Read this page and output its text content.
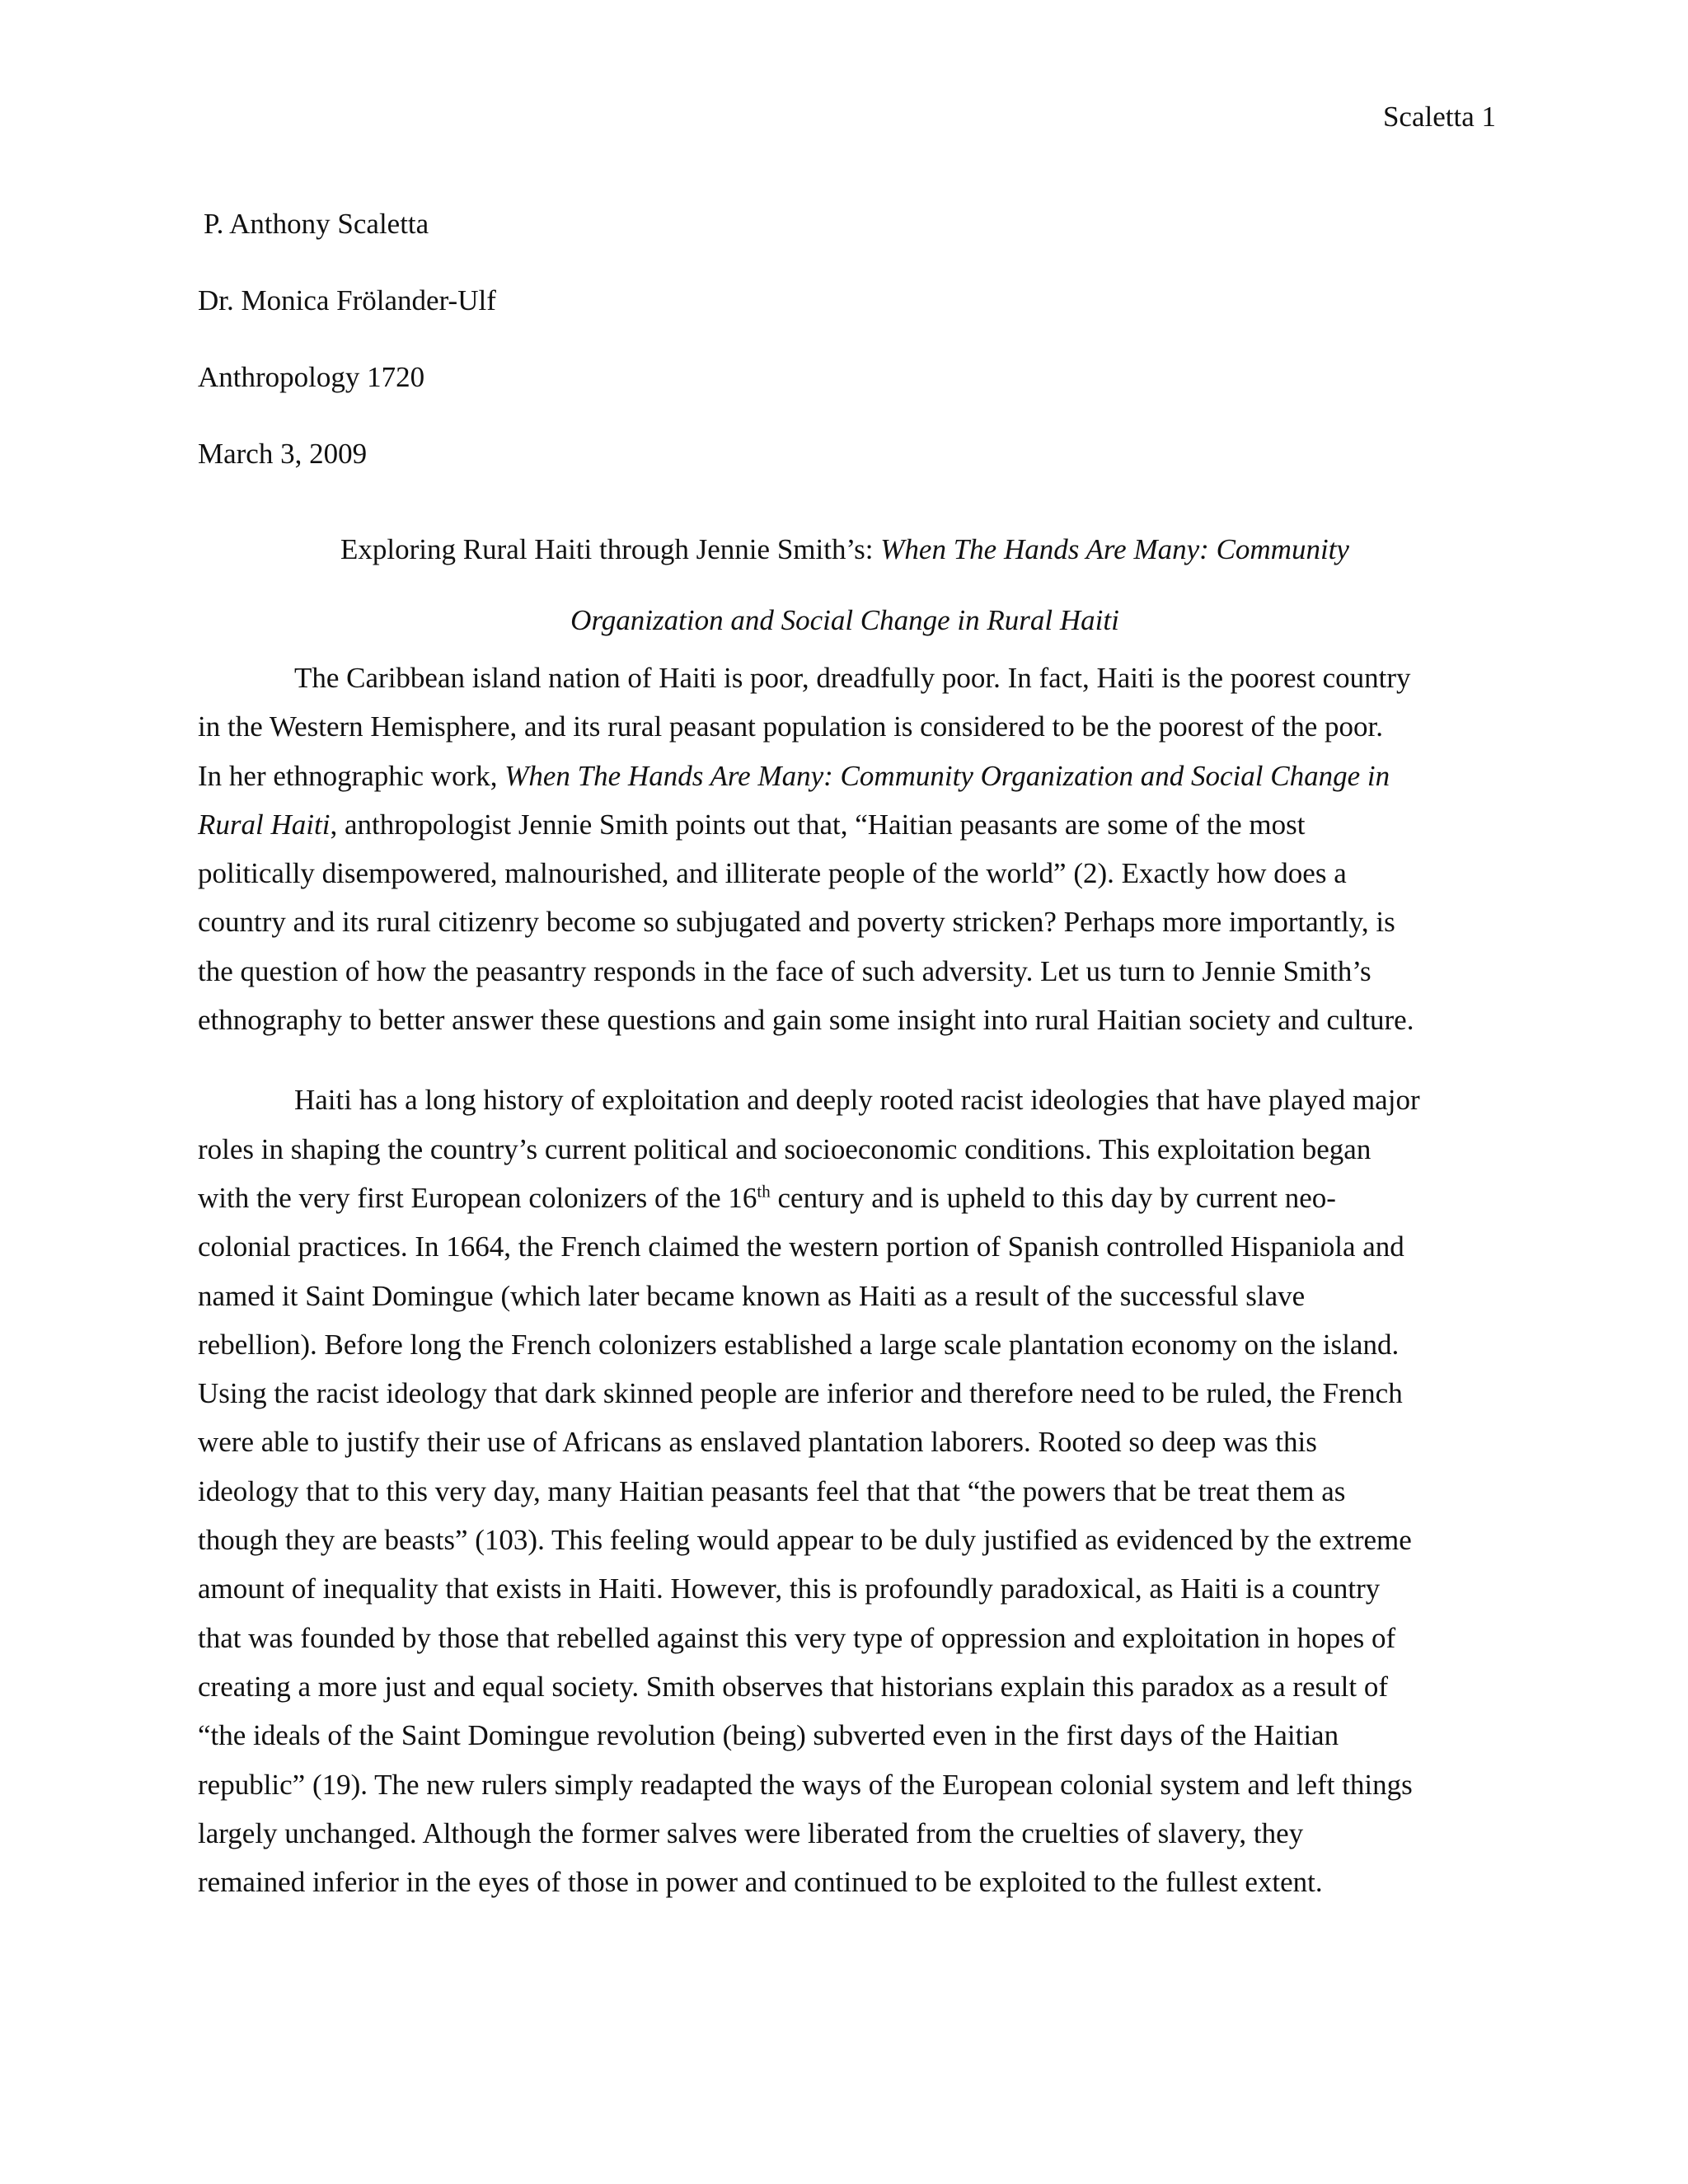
Scaletta 1
P. Anthony Scaletta
Dr. Monica Frölander-Ulf
Anthropology 1720
March 3, 2009
Exploring Rural Haiti through Jennie Smith’s: When The Hands Are Many: Community
Organization and Social Change in Rural Haiti
The Caribbean island nation of Haiti is poor, dreadfully poor. In fact, Haiti is the poorest country
in the Western Hemisphere, and its rural peasant population is considered to be the poorest of the poor.
In her ethnographic work, When The Hands Are Many: Community Organization and Social Change in
Rural Haiti, anthropologist Jennie Smith points out that, “Haitian peasants are some of the most
politically disempowered, malnourished, and illiterate people of the world” (2). Exactly how does a
country and its rural citizenry become so subjugated and poverty stricken? Perhaps more importantly, is
the question of how the peasantry responds in the face of such adversity. Let us turn to Jennie Smith’s
ethnography to better answer these questions and gain some insight into rural Haitian society and culture.
Haiti has a long history of exploitation and deeply rooted racist ideologies that have played major
roles in shaping the country’s current political and socioeconomic conditions. This exploitation began
with the very first European colonizers of the 16th century and is upheld to this day by current neo-
colonial practices. In 1664, the French claimed the western portion of Spanish controlled Hispaniola and
named it Saint Domingue (which later became known as Haiti as a result of the successful slave
rebellion). Before long the French colonizers established a large scale plantation economy on the island.
Using the racist ideology that dark skinned people are inferior and therefore need to be ruled, the French
were able to justify their use of Africans as enslaved plantation laborers. Rooted so deep was this
ideology that to this very day, many Haitian peasants feel that that “the powers that be treat them as
though they are beasts” (103). This feeling would appear to be duly justified as evidenced by the extreme
amount of inequality that exists in Haiti. However, this is profoundly paradoxical, as Haiti is a country
that was founded by those that rebelled against this very type of oppression and exploitation in hopes of
creating a more just and equal society. Smith observes that historians explain this paradox as a result of
“the ideals of the Saint Domingue revolution (being) subverted even in the first days of the Haitian
republic” (19). The new rulers simply readapted the ways of the European colonial system and left things
largely unchanged. Although the former salves were liberated from the cruelties of slavery, they
remained inferior in the eyes of those in power and continued to be exploited to the fullest extent.
